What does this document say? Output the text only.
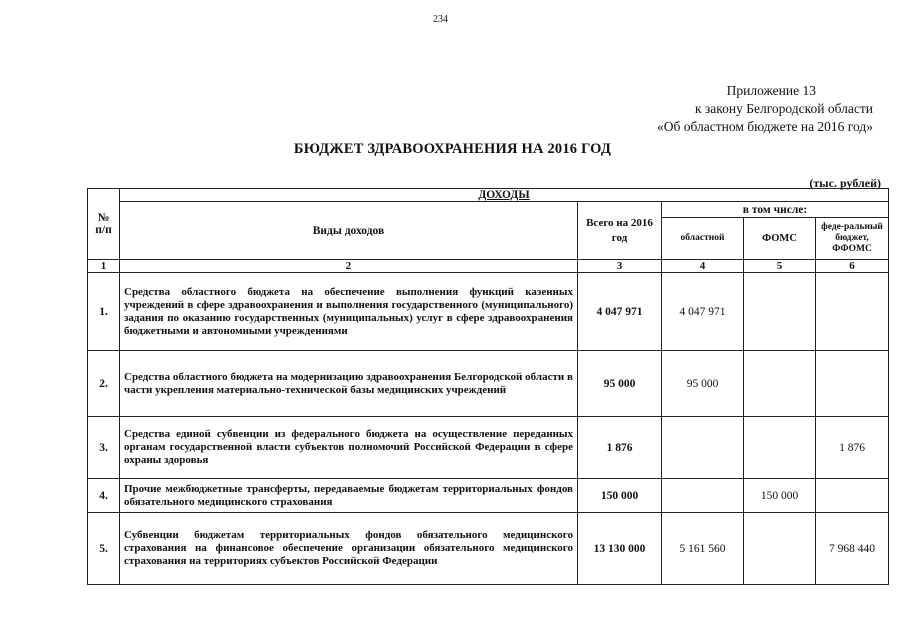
234
Приложение 13
к закону Белгородской области
«Об областном бюджете на 2016 год»
БЮДЖЕТ ЗДРАВООХРАНЕНИЯ НА 2016 ГОД
(тыс. рублей)
№ п/п	ДОХОДЫ				
	Виды доходов	Всего на 2016 год	в том числе:		
			областной	ФОМС	феде-ральный бюджет, ФФОМС
1	2	3	4	5	6
1.	Средства областного бюджета на обеспечение выполнения функций казенных учреждений в сфере здравоохранения и выполнения государственного (муниципального) задания по оказанию государственных (муниципальных) услуг в сфере здравоохранения бюджетными и автономными учреждениями	4 047 971	4 047 971		
2.	Средства областного бюджета на модернизацию здравоохранения Белгородской области в части укрепления материально-технической базы медицинских учреждений	95 000	95 000		
3.	Средства единой субвенции из федерального бюджета на осуществление переданных органам государственной власти субъектов полномочий Российской Федерации в сфере охраны здоровья	1 876			1 876
4.	Прочие межбюджетные трансферты, передаваемые бюджетам территориальных фондов обязательного медицинского страхования	150 000		150 000	
5.	Субвенции бюджетам территориальных фондов обязательного медицинского страхования на финансовое обеспечение организации обязательного медицинского страхования на территориях субъектов Российской Федерации	13 130 000	5 161 560		7 968 440
